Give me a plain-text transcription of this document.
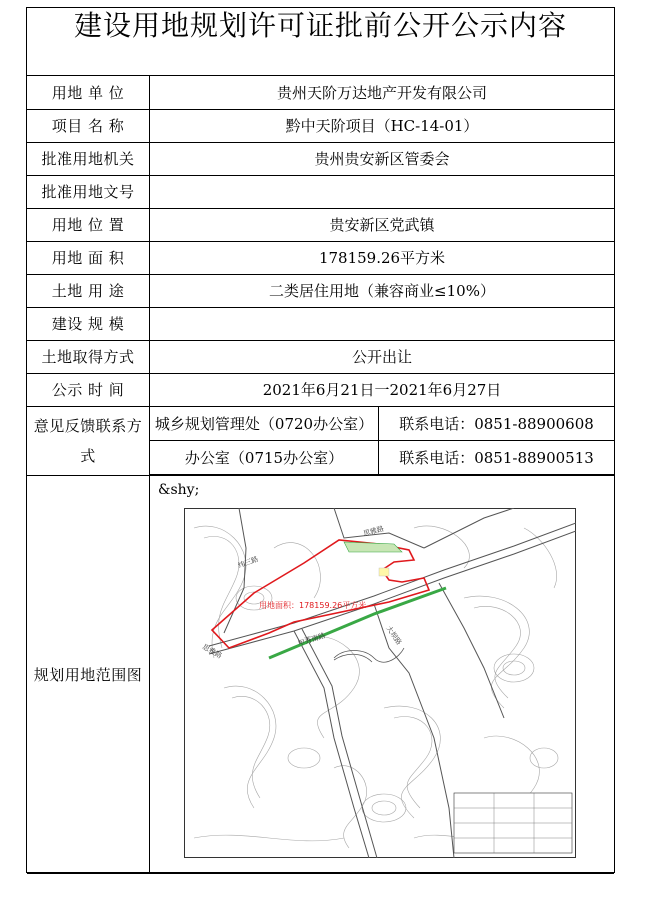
建设用地规划许可证批前公开公示内容
用地 单 位	贵州天阶万达地产开发有限公司
项目 名 称	黔中天阶项目（HC-14-01）
批准用地机关	贵州贵安新区管委会
批准用地文号	
用地 位 置	贵安新区党武镇
用地 面 积	178159.26平方米
土地 用 途	二类居住用地（兼容商业≤10%）
建设 规 模	
土地取得方式	公开出让
公示 时 间	2021年6月21日一2021年6月27日
意见反馈联系方式	
城乡规划管理处（0720办公室）	联系电话：0851-88900608
办公室（0715办公室）	联系电话：0851-88900513

规划用地范围图	
&shy;
用地面积：178159.26平方米
纬三路
思雅路
甲秀南路	大坝路
思雅路
